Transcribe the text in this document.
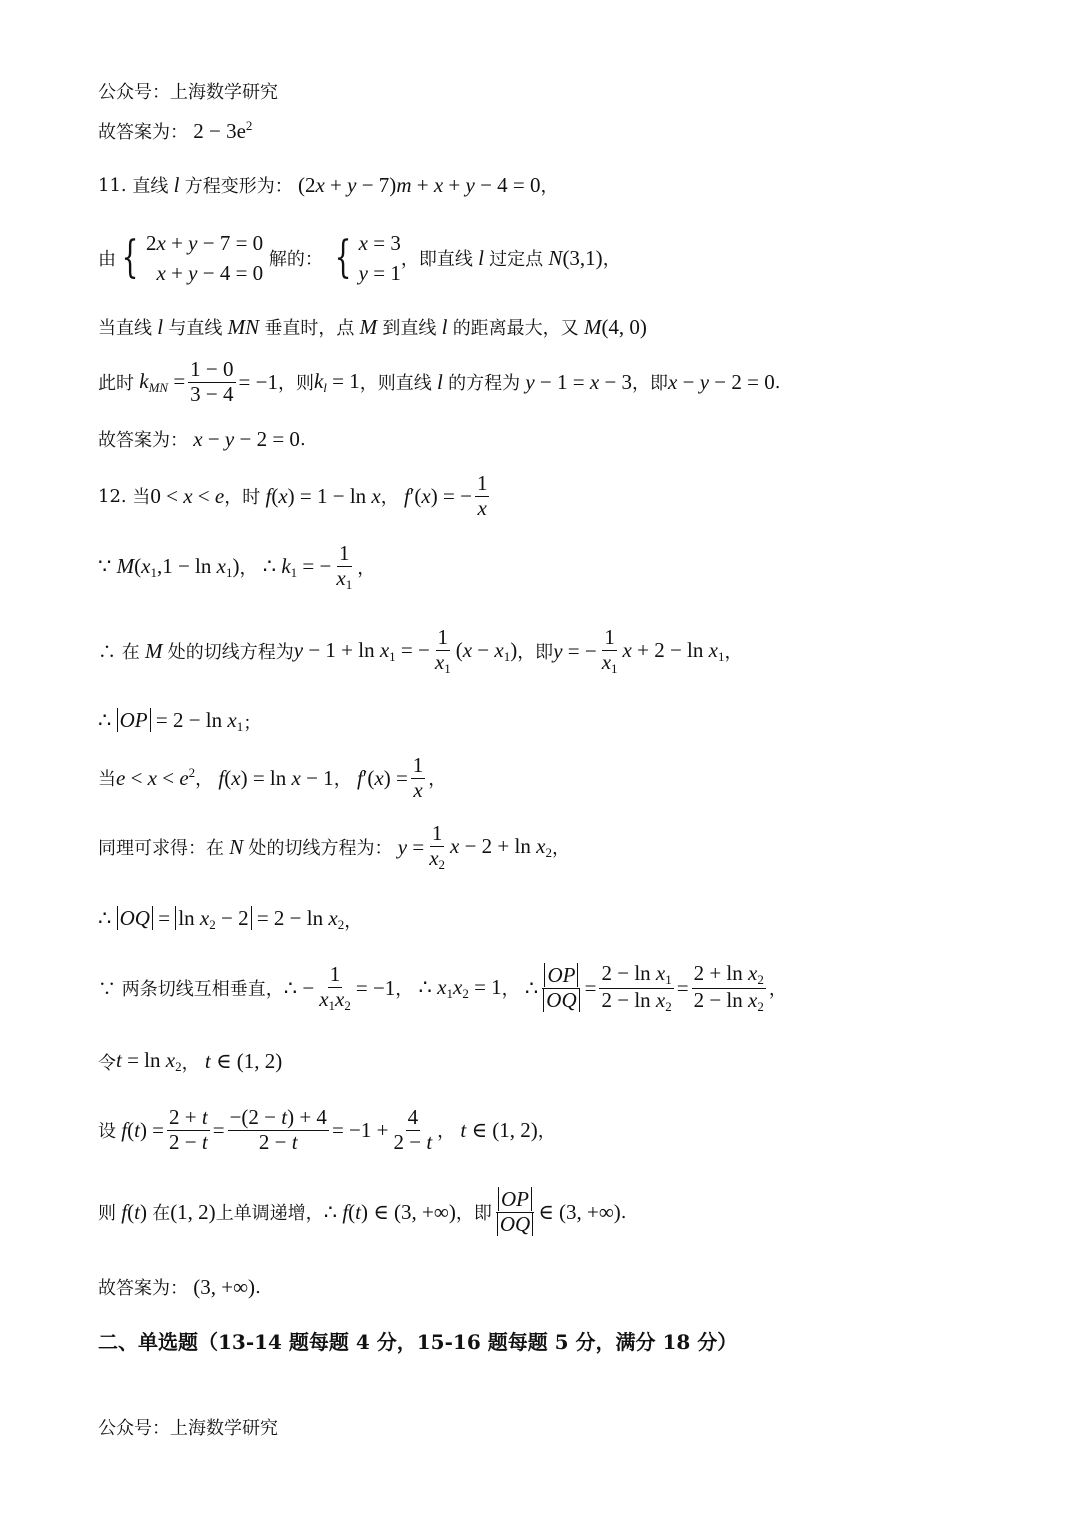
公众号：上海数学研究
故答案为： $2 - 3e^2$
11.
直线 l 方程变形为： (2x + y − 7)m + x + y − 4 = 0 ，
由 { 2x + y − 7 = 0
x + y − 4 = 0

解的：
{ x = 3
y = 1
，即直线 l 过定点 N(3,1) ，
当直线 l 与直线 MN 垂直时，点 M 到直线 l 的距离最大，又 M(4, 0)
此时 $k_{MN} = \frac{1 - 0}{3 - 4} = -1$ ，则 $k_l = 1$ ，则直线 l 的方程为 y − 1 = x − 3 ，即 x − y − 2 = 0 .
故答案为： x − y − 2 = 0 .
12.
当 0 < x < e ，时 f(x) = 1 − ln x ， f′(x) = − $\frac{1}{x}$
∵ $M(x_1,1 - \ln x_1)$ ， ∴ $k_1$ = − $\frac{1}{x_1}$ ，
∴ 在 M 处的切线方程为 $y - 1 + \ln x_1$ = − $\frac{1}{x_1} (x - x_1)$ ，即 y = − $\frac{1}{x_1}$ $x + 2 - \ln x_1$ ，
∴ OP = $2 - \ln x_1$ ；
当 $e < x < e^2$ ， f(x) = ln x − 1 ， $f'(x) = \frac{1}{x}$ ，
同理可求得：在 N 处的切线方程为： $y = \frac{1}{x_2}$ $x - 2 + \ln x_2$ ，
∴ OQ = $\ln x_2 - 2 = 2 - \ln x_2$ ，
∵ 两条切线互相垂直， ∴ − $\frac{1}{x_1x_2} = -1$ ， ∴ $x_1x_2 = 1$ ， ∴ $\frac{OP}{OQ} = \frac{2 - \ln x_1}{2 - \ln x_2} = \frac{2 + \ln x_2}{2 - \ln x_2}$ ，
令 $t = \ln x_2$ ， t ∈ (1, 2)
设 $f(t) = \frac{2 + t}{2 - t} = \frac{-(2 - t) + 4}{2 - t} = -1 + \frac{4}{2 - t}$ ， t ∈ (1, 2) ，
则 f(t) 在 (1, 2) 上单调递增， ∴ f(t) ∈ (3, +∞) ，即 $\frac{OP}{OQ}$ ∈ (3, +∞) .
故答案为： (3, +∞) .
二、单选题（13-14 题每题 4 分，15-16 题每题 5 分，满分 18 分）
公众号：上海数学研究
